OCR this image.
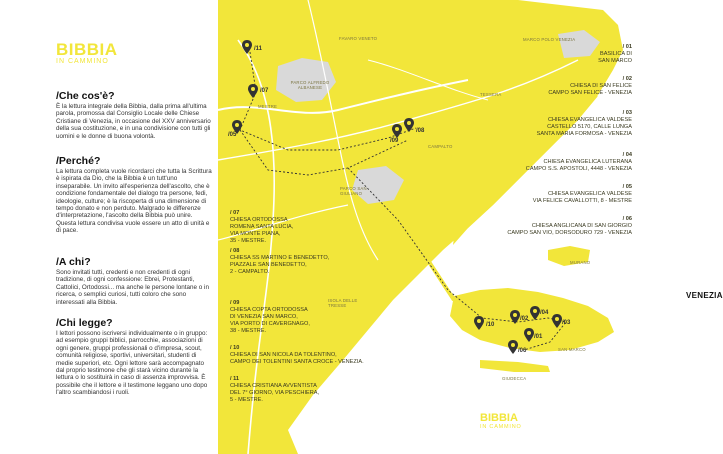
BIBBIA
IN CAMMINO
/Che cos'è?

È la lettura integrale della Bibbia, dalla prima all'ultima parola, promossa dal Consiglio Locale delle Chiese Cristiane di Venezia, in occasione del XXV anniversario della sua costituzione, e in una condivisione con tutti gli uomini e le donne di buona volontà.

/Perché?

La lettura completa vuole ricordarci che tutta la Scrittura è ispirata da Dio, che la Bibbia è un tutt'uno inseparabile. Un invito all'esperienza dell'ascolto, che è condizione fondamentale del dialogo tra persone, fedi, ideologie, culture; è la riscoperta di una dimensione di tempo donato e non perduto. Malgrado le differenze d'interpretazione, l'ascolto della Bibbia può unire. Questa lettura condivisa vuole essere un atto di unità e di pace.

/A chi?

Sono invitati tutti, credenti e non credenti di ogni tradizione, di ogni confessione: Ebrei, Protestanti, Cattolici, Ortodossi... ma anche le persone lontane o in ricerca, o semplici curiosi, tutti coloro che sono interessati alla Bibbia.

/Chi legge?

I lettori possono iscriversi individualmente o in gruppo: ad esempio gruppi biblici, parrocchie, associazioni di ogni genere, gruppi professionali o d'impresa, scout, comunità religiose, sportivi, universitari, studenti di medie superiori, etc. Ogni lettore sarà accompagnato dal proprio testimone che gli starà vicino durante la lettura o lo sostituirà in caso di assenza improvvisa. È possibile che il lettore e il testimone leggano uno dopo l'altro scambiandosi i ruoli.

FAVARO VENETO	MARCO POLO VENEZIA
PARCO ALFREDO ALBANESE
MESTRE
TESSERA
CAMPALTO
PARCO SAN GIULIANO
ISOLA DELLE TRESSE
MURANO
SAN MARCO
GIUDECCA
/ 01
BASILICA DI
SAN MARCO
/ 02
CHIESA DI SAN FELICE
CAMPO SAN FELICE - VENEZIA
/ 03
CHIESA EVANGELICA VALDESE
CASTELLO 5170, CALLE LUNGA
SANTA MARIA FORMOSA - VENEZIA
/ 04
CHIESA EVANGELICA LUTERANA
CAMPO S.S. APOSTOLI, 4448 - VENEZIA
/ 05
CHIESA EVANGELICA VALDESE
VIA FELICE CAVALLOTTI, 8 - MESTRE
/ 06
CHIESA ANGLICANA DI SAN GIORGIO
CAMPO SAN VIO, DORSODURO 729 - VENEZIA
/ 07
CHIESA ORTODOSSA
ROMENA SANTA LUCIA,
VIA MONTE PIANA,
35 - MESTRE.
/ 08
CHIESA SS MARTINO E BENEDETTO,
PIAZZALE SAN BENEDETTO,
2 - CAMPALTO.
/ 09
CHIESA COPTA ORTODOSSA
DI VENEZIA SAN MARCO,
VIA PORTO DI CAVERGNAGO,
38 - MESTRE.
/ 10
CHIESA DI SAN NICOLA DA TOLENTINO,
CAMPO DEI TOLENTINI SANTA CROCE - VENEZIA.
/ 11
CHIESA CRISTIANA AVVENTISTA
DEL 7° GIORNO, VIA PESCHIERA,
5 - MESTRE.
/11
/07
/05
/09
/08
VENEZIA
/10
/02
/04
/03
/01
/06
BIBBIA
IN CAMMINO
